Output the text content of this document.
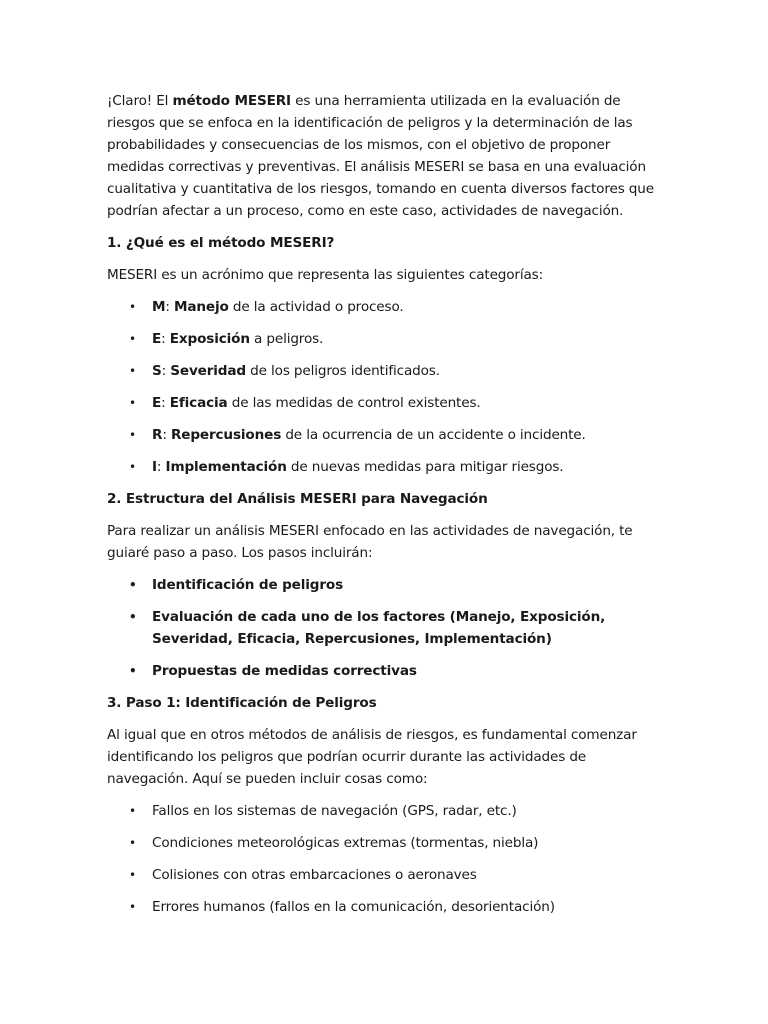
¡Claro! El método MESERI es una herramienta utilizada en la evaluación de riesgos que se enfoca en la identificación de peligros y la determinación de las probabilidades y consecuencias de los mismos, con el objetivo de proponer medidas correctivas y preventivas. El análisis MESERI se basa en una evaluación cualitativa y cuantitativa de los riesgos, tomando en cuenta diversos factores que podrían afectar a un proceso, como en este caso, actividades de navegación.

1. ¿Qué es el método MESERI?

MESERI es un acrónimo que representa las siguientes categorías:

• M: Manejo de la actividad o proceso.
• E: Exposición a peligros.
• S: Severidad de los peligros identificados.
• E: Eficacia de las medidas de control existentes.
• R: Repercusiones de la ocurrencia de un accidente o incidente.
• I: Implementación de nuevas medidas para mitigar riesgos.
2. Estructura del Análisis MESERI para Navegación

Para realizar un análisis MESERI enfocado en las actividades de navegación, te guiaré paso a paso. Los pasos incluirán:

• Identificación de peligros
• Evaluación de cada uno de los factores (Manejo, Exposición, Severidad, Eficacia, Repercusiones, Implementación)
• Propuestas de medidas correctivas
3. Paso 1: Identificación de Peligros

Al igual que en otros métodos de análisis de riesgos, es fundamental comenzar identificando los peligros que podrían ocurrir durante las actividades de navegación. Aquí se pueden incluir cosas como:

• Fallos en los sistemas de navegación (GPS, radar, etc.)
• Condiciones meteorológicas extremas (tormentas, niebla)
• Colisiones con otras embarcaciones o aeronaves
• Errores humanos (fallos en la comunicación, desorientación)
